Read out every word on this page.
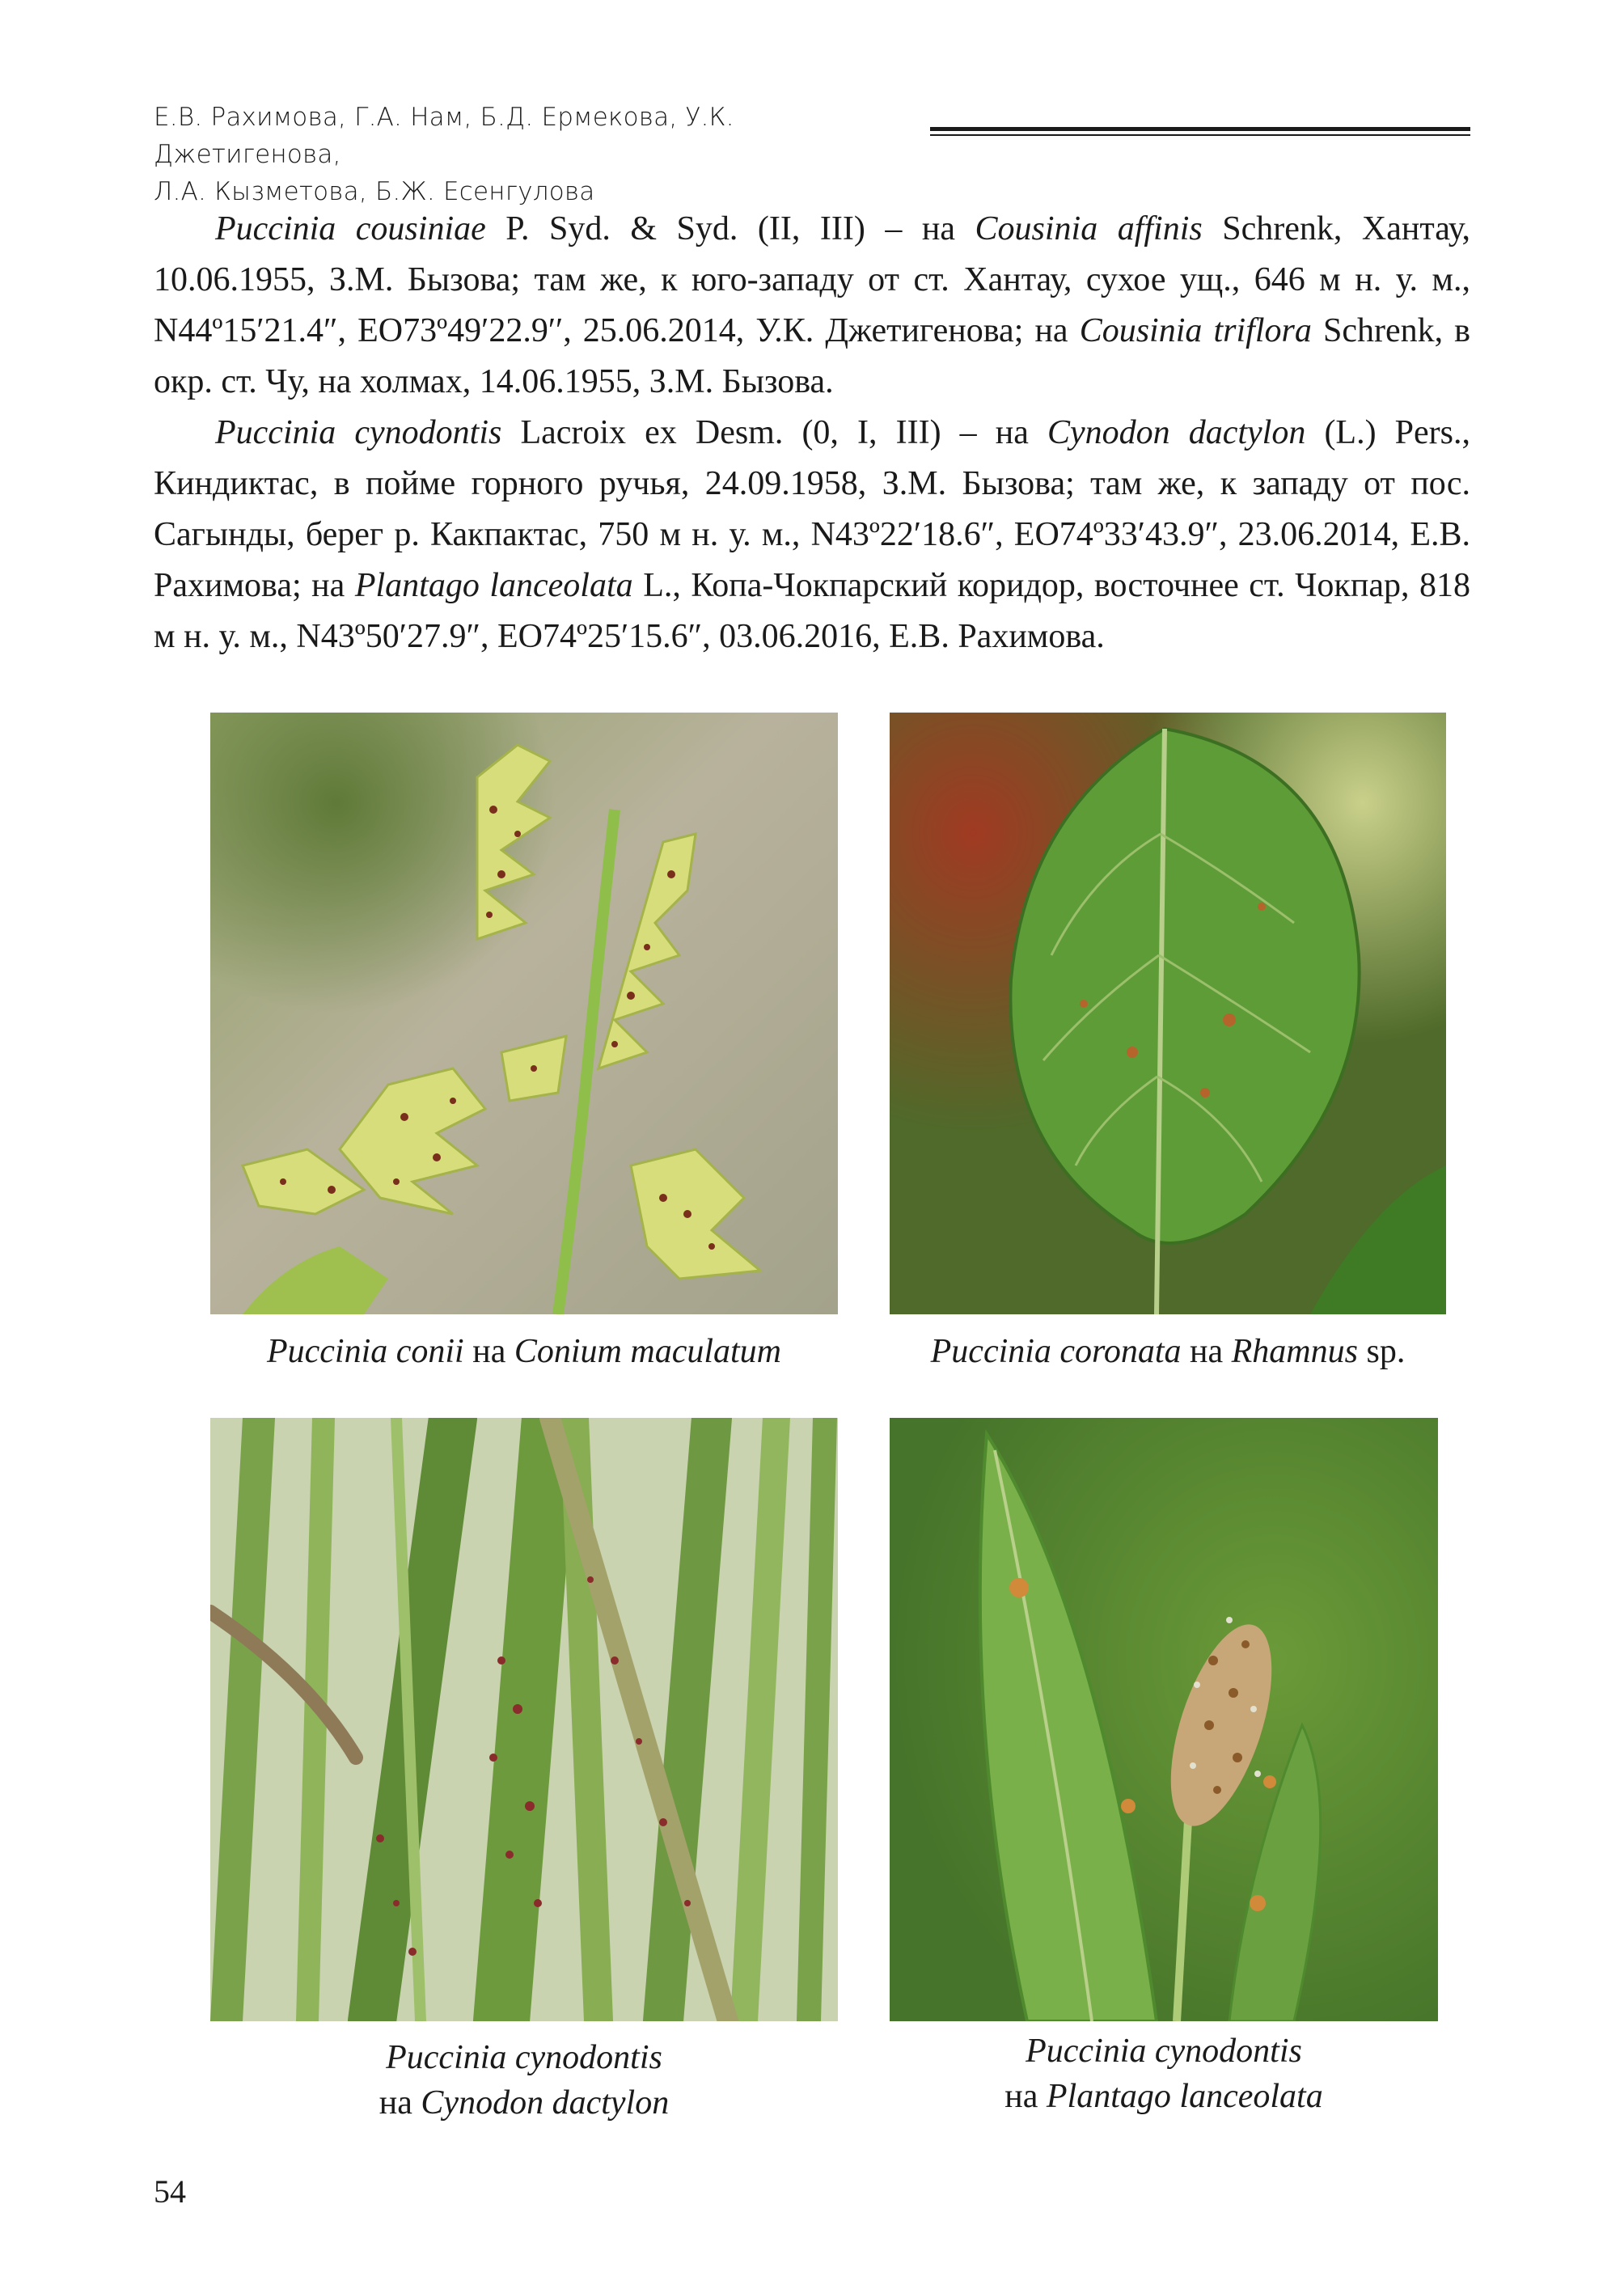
Е.В. Рахимова, Г.А. Нам, Б.Д. Ермекова, У.К. Джетигенова,
Л.А. Кызметова, Б.Ж. Есенгулова

Puccinia cousiniae P. Syd. & Syd. (II, III) – на Cousinia affinis Schrenk, Хантау, 10.06.1955, З.М. Бызова; там же, к юго-западу от ст. Хантау, сухое ущ., 646 м н. у. м., N44º15′21.4″, EO73º49′22.9′′, 25.06.2014, У.К. Джетигенова; на Cousinia triflora Schrenk, в окр. ст. Чу, на холмах, 14.06.1955, З.М. Бызова.

Puccinia cynodontis Lacroix ex Desm. (0, I, III) – на Cynodon dactylon (L.) Pers., Киндиктас, в пойме горного ручья, 24.09.1958, З.М. Бызова; там же, к западу от пос. Сагынды, берег р. Какпактас, 750 м н. у. м., N43º22′18.6″, EO74º33′43.9″, 23.06.2014, Е.В. Рахимова; на Plantago lanceolata L., Копа-Чокпарский коридор, восточнее ст. Чокпар, 818 м н. у. м., N43º50′27.9″, EO74º25′15.6″, 03.06.2016, Е.В. Рахимова.

Puccinia conii на Conium maculatum	Puccinia coronata на Rhamnus sp.
Puccinia cynodontis
на Cynodon dactylon
Puccinia cynodontis
на Plantago lanceolata
54
